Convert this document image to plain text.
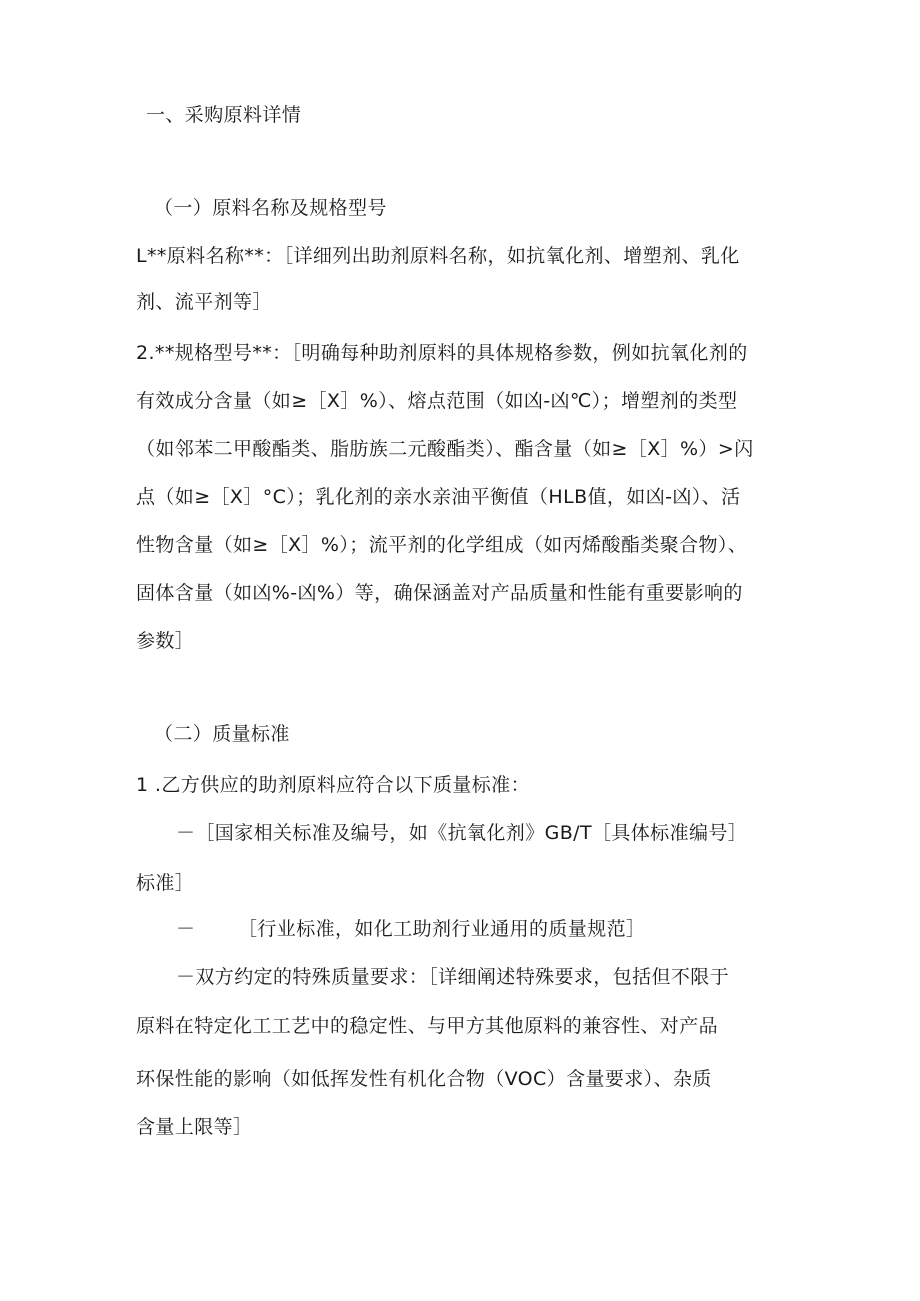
一、采购原料详情
（一）原料名称及规格型号
L**原料名称**：［详细列出助剂原料名称，如抗氧化剂、增塑剂、乳化
剂、流平剂等］
2.**规格型号**：［明确每种助剂原料的具体规格参数，例如抗氧化剂的
有效成分含量（如≥［X］%）、熔点范围（如凶-凶℃）；增塑剂的类型
（如邻苯二甲酸酯类、脂肪族二元酸酯类）、酯含量（如≥［X］%）>闪
点（如≥［X］°C）；乳化剂的亲水亲油平衡值（HLB值，如凶-凶）、活
性物含量（如≥［X］%）；流平剂的化学组成（如丙烯酸酯类聚合物）、
固体含量（如凶%-凶%）等，确保涵盖对产品质量和性能有重要影响的
参数］
（二）质量标准
1 .乙方供应的助剂原料应符合以下质量标准：
－［国家相关标准及编号，如《抗氧化剂》GB/T［具体标准编号］
标准］
－ ［行业标准，如化工助剂行业通用的质量规范］
－双方约定的特殊质量要求：［详细阐述特殊要求，包括但不限于
原料在特定化工工艺中的稳定性、与甲方其他原料的兼容性、对产品
环保性能的影响（如低挥发性有机化合物（VOC）含量要求）、杂质
含量上限等］
